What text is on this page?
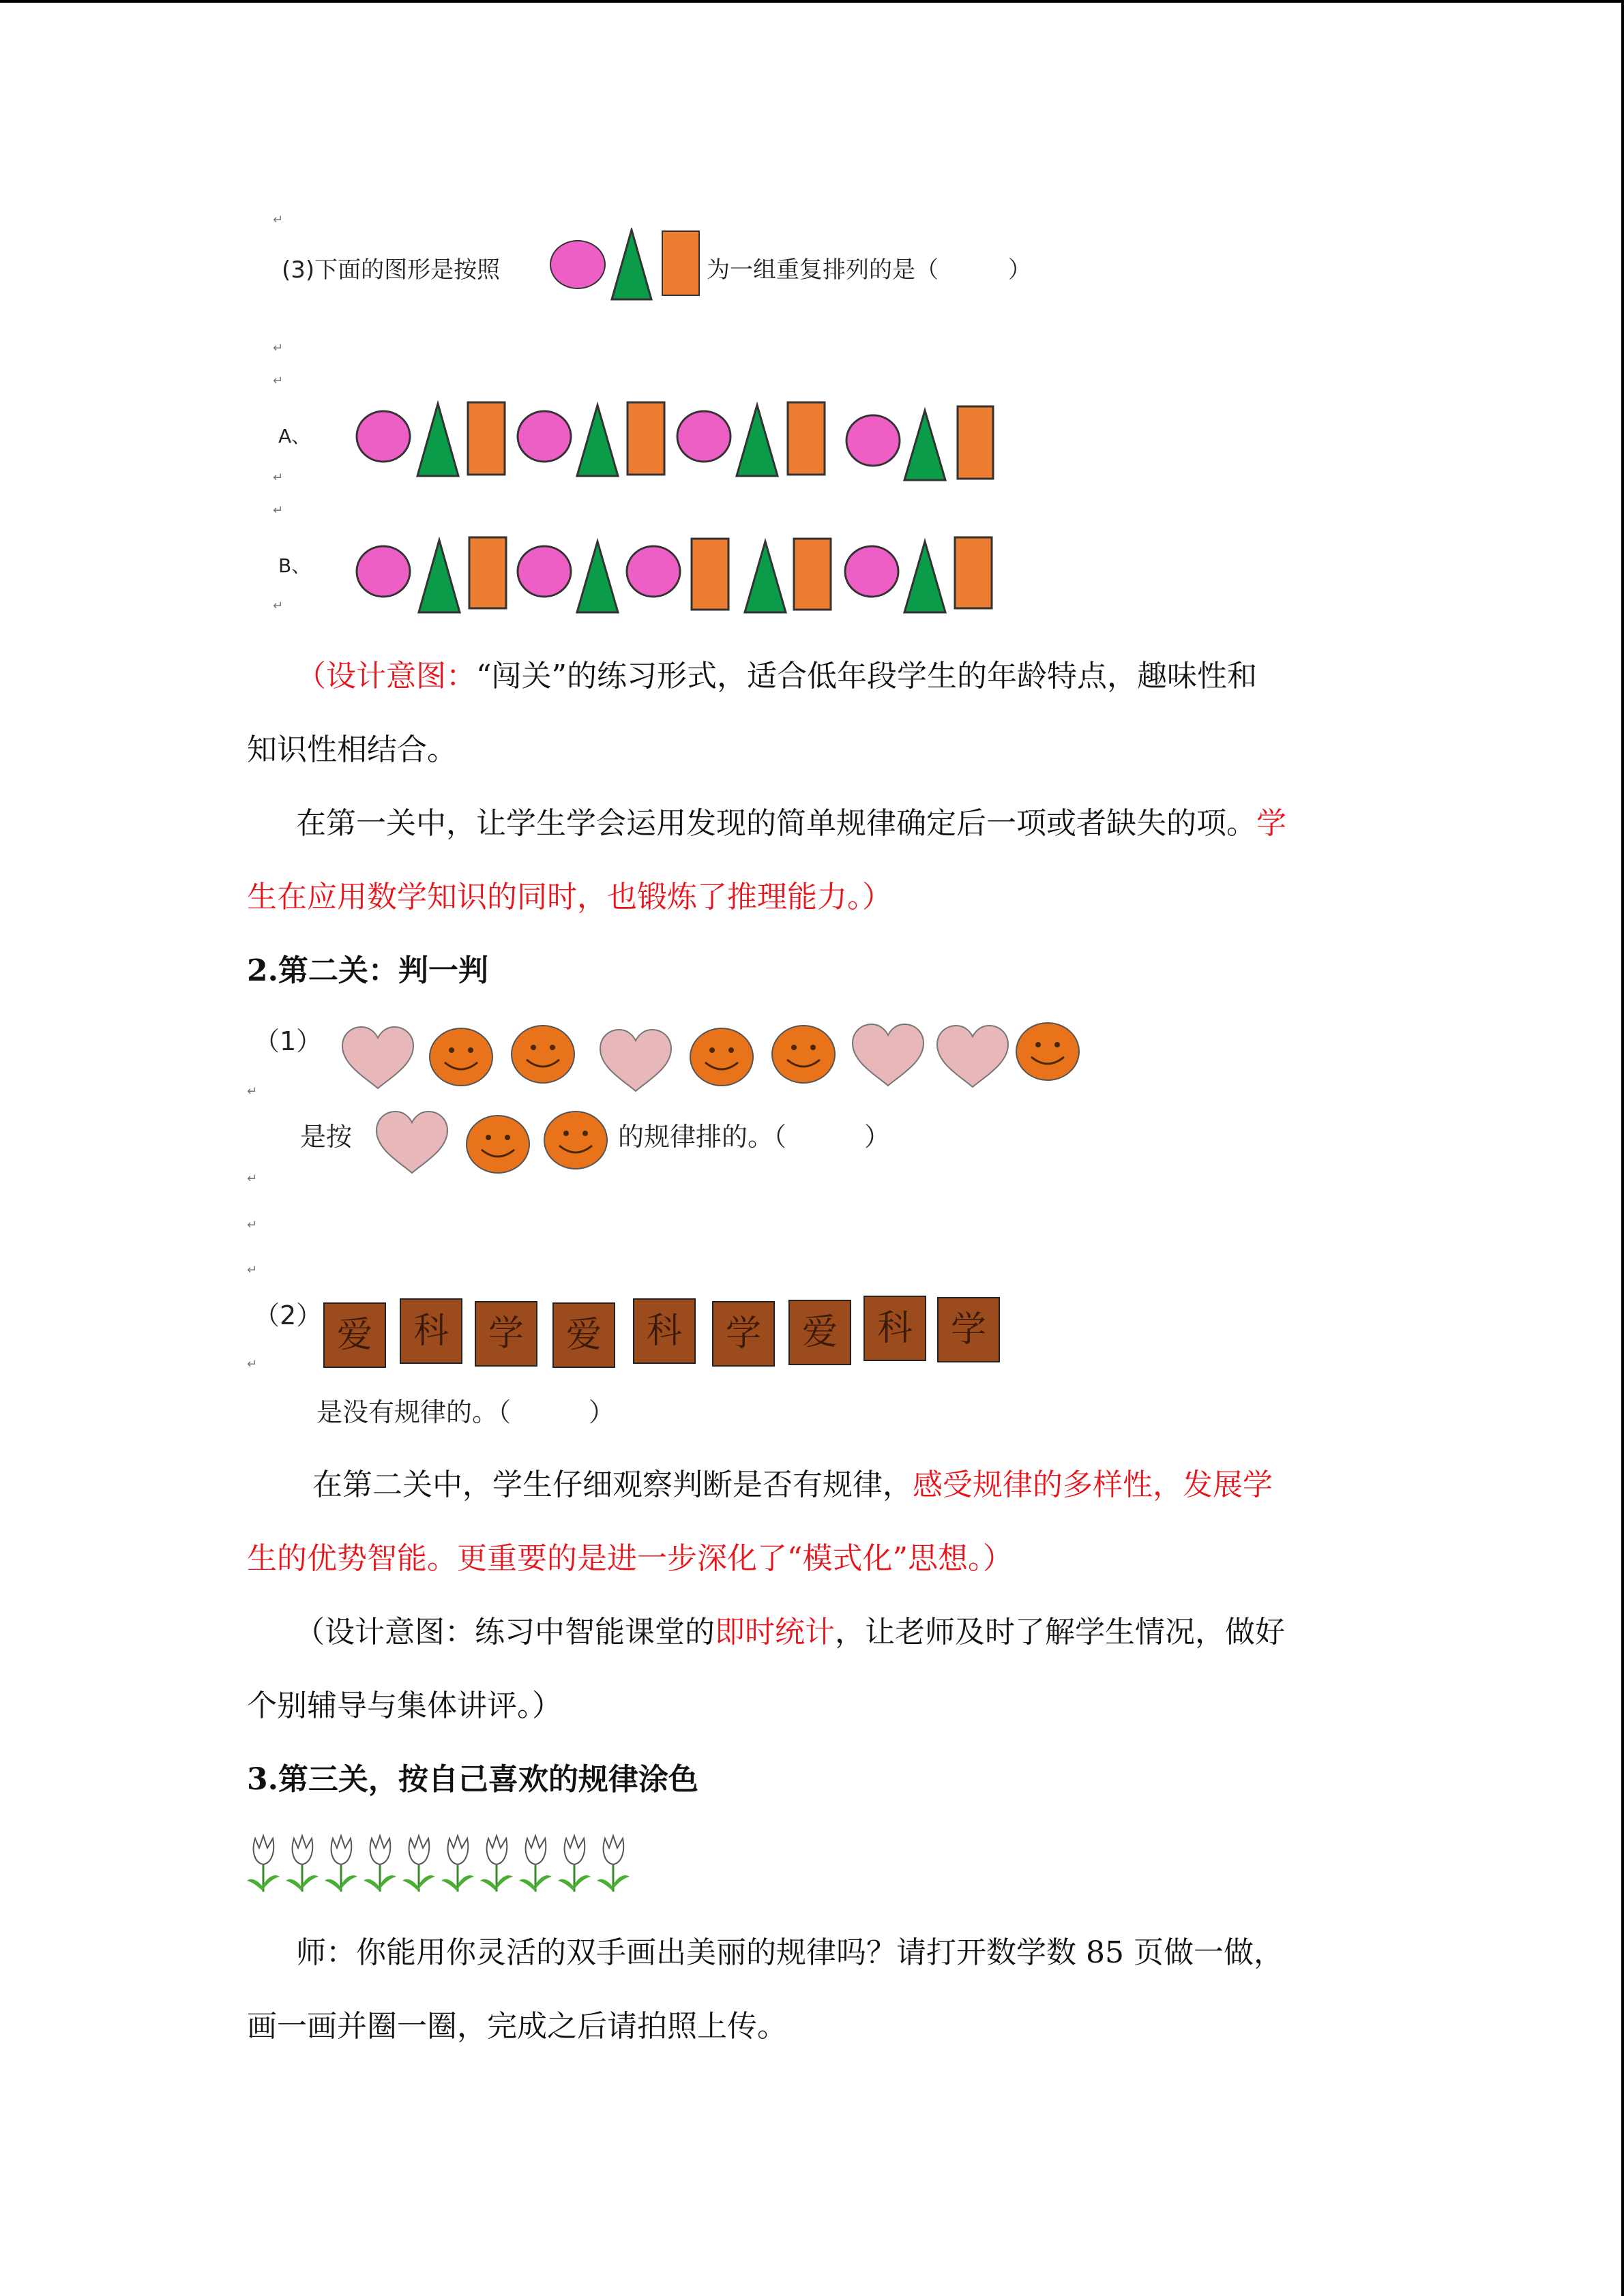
↵
(3)下面的图形是按照	为一组重复排列的是（　　　）
↵
↵
A、
↵
↵
B、
↵
（设计意图：“闯关”的练习形式，适合低年段学生的年龄特点，趣味性和
知识性相结合。
在第一关中，让学生学会运用发现的简单规律确定后一项或者缺失的项。学
生在应用数学知识的同时，也锻炼了推理能力。）
2.第二关：判一判
（1）
↵
是按	的规律排的。（　　　）
↵
↵
↵
（2） 爱	科	学	爱	科	学	爱	科	学
↵
是没有规律的。（　　　）
在第二关中，学生仔细观察判断是否有规律，感受规律的多样性，发展学
生的优势智能。更重要的是进一步深化了“模式化”思想。）
（设计意图：练习中智能课堂的即时统计，让老师及时了解学生情况，做好
个别辅导与集体讲评。）
3.第三关，按自己喜欢的规律涂色
师：你能用你灵活的双手画出美丽的规律吗？请打开数学数 85 页做一做，
画一画并圈一圈，完成之后请拍照上传。
